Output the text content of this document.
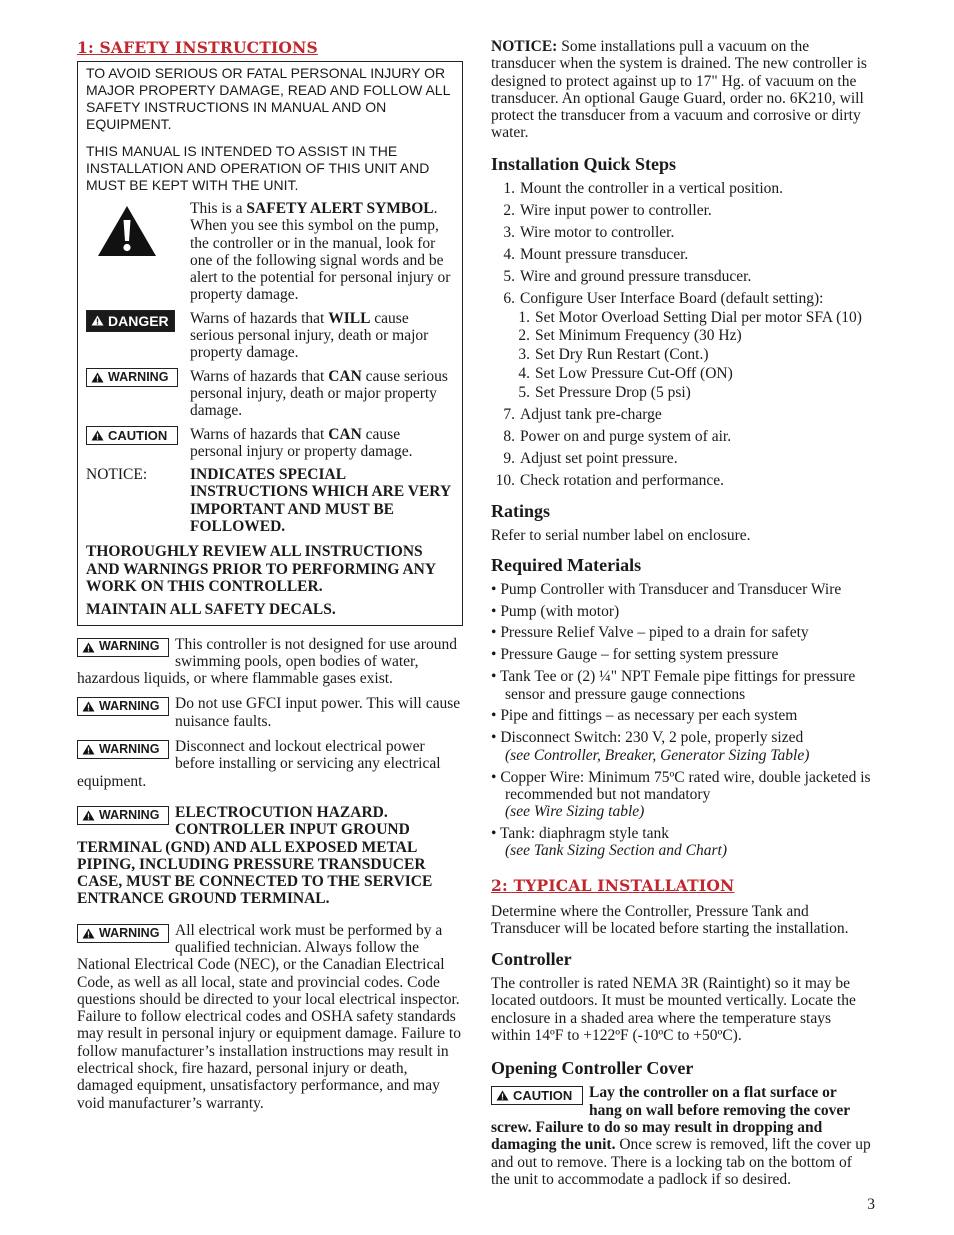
1: SAFETY INSTRUCTIONS

TO AVOID SERIOUS OR FATAL PERSONAL INJURY OR MAJOR PROPERTY DAMAGE, READ AND FOLLOW ALL SAFETY INSTRUCTIONS IN MANUAL AND ON EQUIPMENT.

THIS MANUAL IS INTENDED TO ASSIST IN THE INSTALLATION AND OPERATION OF THIS UNIT AND MUST BE KEPT WITH THE UNIT.

This is a SAFETY ALERT SYMBOL. When you see this symbol on the pump, the controller or in the manual, look for one of the following signal words and be alert to the potential for personal injury or property damage.
DANGER Warns of hazards that WILL cause serious personal injury, death or major property damage.
WARNING Warns of hazards that CAN cause serious personal injury, death or major property damage.
CAUTION Warns of hazards that CAN cause personal injury or property damage.
NOTICE:	INDICATES SPECIAL INSTRUCTIONS WHICH ARE VERY IMPORTANT AND MUST BE FOLLOWED.
THOROUGHLY REVIEW ALL INSTRUCTIONS AND WARNINGS PRIOR TO PERFORMING ANY WORK ON THIS CONTROLLER.
MAINTAIN ALL SAFETY DECALS.
WARNING This controller is not designed for use around swimming pools, open bodies of water, hazardous liquids, or where flammable gases exist.
WARNING Do not use GFCI input power. This will cause nuisance faults.
WARNING Disconnect and lockout electrical power before installing or servicing any electrical equipment.
WARNING ELECTROCUTION HAZARD. CONTROLLER INPUT GROUND TERMINAL (GND) AND ALL EXPOSED METAL PIPING, INCLUDING PRESSURE TRANSDUCER CASE, MUST BE CONNECTED TO THE SERVICE ENTRANCE GROUND TERMINAL.
WARNING All electrical work must be performed by a qualified technician. Always follow the National Electrical Code (NEC), or the Canadian Electrical Code, as well as all local, state and provincial codes. Code questions should be directed to your local electrical inspector. Failure to follow electrical codes and OSHA safety standards may result in personal injury or equipment damage. Failure to follow manufacturer’s installation instructions may result in electrical shock, fire hazard, personal injury or death, damaged equipment, unsatisfactory performance, and may void manufacturer’s warranty.
NOTICE: Some installations pull a vacuum on the transducer when the system is drained. The new controller is designed to protect against up to 17" Hg. of vacuum on the transducer. An optional Gauge Guard, order no. 6K210, will protect the transducer from a vacuum and corrosive or dirty water.
Installation Quick Steps
1. Mount the controller in a vertical position.
2. Wire input power to controller.
3. Wire motor to controller.
4. Mount pressure transducer.
5. Wire and ground pressure transducer.
6. Configure User Interface Board (default setting):
1. Set Motor Overload Setting Dial per motor SFA (10)
2. Set Minimum Frequency (30 Hz)
3. Set Dry Run Restart (Cont.)
4. Set Low Pressure Cut-Off (ON)
5. Set Pressure Drop (5 psi)
7. Adjust tank pre-charge
8. Power on and purge system of air.
9. Adjust set point pressure.
10. Check rotation and performance.
Ratings
Refer to serial number label on enclosure.
Required Materials
• Pump Controller with Transducer and Transducer Wire
• Pump (with motor)
• Pressure Relief Valve – piped to a drain for safety
• Pressure Gauge – for setting system pressure
• Tank Tee or (2) ¼" NPT Female pipe fittings for pressure sensor and pressure gauge connections
• Pipe and fittings – as necessary per each system
• Disconnect Switch: 230 V, 2 pole, properly sized
(see Controller, Breaker, Generator Sizing Table)
• Copper Wire: Minimum 75ºC rated wire, double jacketed is recommended but not mandatory
(see Wire Sizing table)
• Tank: diaphragm style tank
(see Tank Sizing Section and Chart)
2: TYPICAL INSTALLATION
Determine where the Controller, Pressure Tank and Transducer will be located before starting the installation.
Controller
The controller is rated NEMA 3R (Raintight) so it may be located outdoors. It must be mounted vertically. Locate the enclosure in a shaded area where the temperature stays within 14ºF to +122ºF (-10ºC to +50ºC).
Opening Controller Cover
CAUTION Lay the controller on a flat surface or hang on wall before removing the cover screw. Failure to do so may result in dropping and damaging the unit. Once screw is removed, lift the cover up and out to remove. There is a locking tab on the bottom of the unit to accommodate a padlock if so desired.
3
